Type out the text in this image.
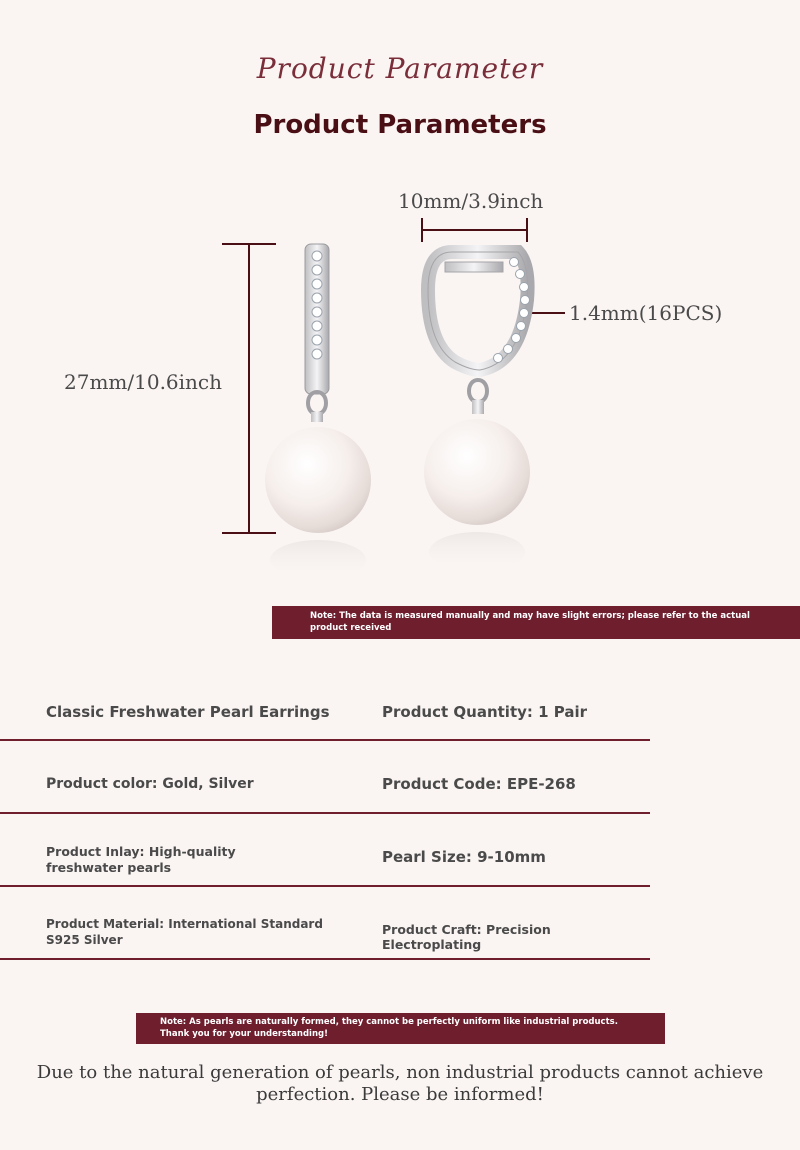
Product Parameter
Product Parameters
27mm/10.6inch
10mm/3.9inch
1.4mm(16PCS)
Note: The data is measured manually and may have slight errors; please refer to the actual product received
Classic Freshwater Pearl Earrings	Product Quantity: 1 Pair
Product color: Gold, Silver	Product Code: EPE-268
Product Inlay: High-quality freshwater pearls
Pearl Size: 9-10mm
Product Material: International Standard S925 Silver
Product Craft: Precision Electroplating
Note: As pearls are naturally formed, they cannot be perfectly uniform like industrial products.
Thank you for your understanding!
Due to the natural generation of pearls, non industrial products cannot achieve perfection. Please be informed!
